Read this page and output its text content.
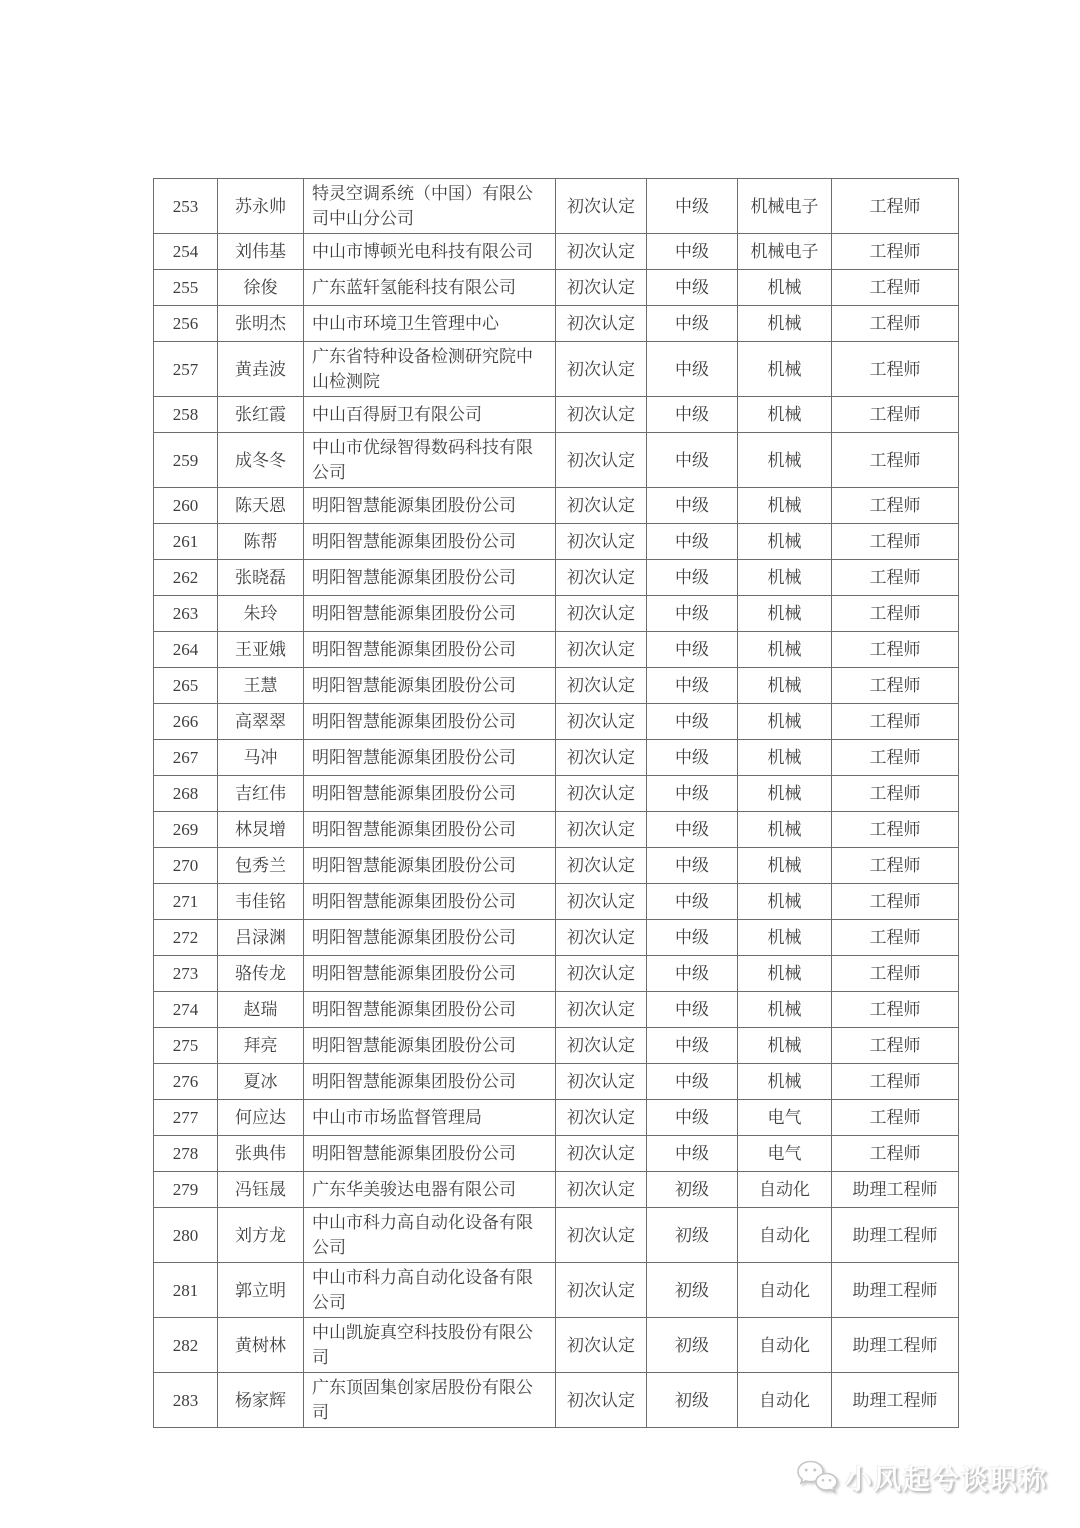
253	苏永帅	特灵空调系统（中国）有限公司中山分公司	初次认定	中级	机械电子	工程师
254	刘伟基	中山市博顿光电科技有限公司	初次认定	中级	机械电子	工程师
255	徐俊	广东蓝轩氢能科技有限公司	初次认定	中级	机械	工程师
256	张明杰	中山市环境卫生管理中心	初次认定	中级	机械	工程师
257	黄垚波	广东省特种设备检测研究院中山检测院	初次认定	中级	机械	工程师
258	张红霞	中山百得厨卫有限公司	初次认定	中级	机械	工程师
259	成冬冬	中山市优绿智得数码科技有限公司	初次认定	中级	机械	工程师
260	陈天恩	明阳智慧能源集团股份公司	初次认定	中级	机械	工程师
261	陈帮	明阳智慧能源集团股份公司	初次认定	中级	机械	工程师
262	张晓磊	明阳智慧能源集团股份公司	初次认定	中级	机械	工程师
263	朱玲	明阳智慧能源集团股份公司	初次认定	中级	机械	工程师
264	王亚娥	明阳智慧能源集团股份公司	初次认定	中级	机械	工程师
265	王慧	明阳智慧能源集团股份公司	初次认定	中级	机械	工程师
266	高翠翠	明阳智慧能源集团股份公司	初次认定	中级	机械	工程师
267	马冲	明阳智慧能源集团股份公司	初次认定	中级	机械	工程师
268	吉红伟	明阳智慧能源集团股份公司	初次认定	中级	机械	工程师
269	林炅增	明阳智慧能源集团股份公司	初次认定	中级	机械	工程师
270	包秀兰	明阳智慧能源集团股份公司	初次认定	中级	机械	工程师
271	韦佳铭	明阳智慧能源集团股份公司	初次认定	中级	机械	工程师
272	吕渌渊	明阳智慧能源集团股份公司	初次认定	中级	机械	工程师
273	骆传龙	明阳智慧能源集团股份公司	初次认定	中级	机械	工程师
274	赵瑞	明阳智慧能源集团股份公司	初次认定	中级	机械	工程师
275	拜亮	明阳智慧能源集团股份公司	初次认定	中级	机械	工程师
276	夏冰	明阳智慧能源集团股份公司	初次认定	中级	机械	工程师
277	何应达	中山市市场监督管理局	初次认定	中级	电气	工程师
278	张典伟	明阳智慧能源集团股份公司	初次认定	中级	电气	工程师
279	冯钰晟	广东华美骏达电器有限公司	初次认定	初级	自动化	助理工程师
280	刘方龙	中山市科力高自动化设备有限公司	初次认定	初级	自动化	助理工程师
281	郭立明	中山市科力高自动化设备有限公司	初次认定	初级	自动化	助理工程师
282	黄树林	中山凯旋真空科技股份有限公司	初次认定	初级	自动化	助理工程师
283	杨家辉	广东顶固集创家居股份有限公司	初次认定	初级	自动化	助理工程师
小风起兮谈职称
